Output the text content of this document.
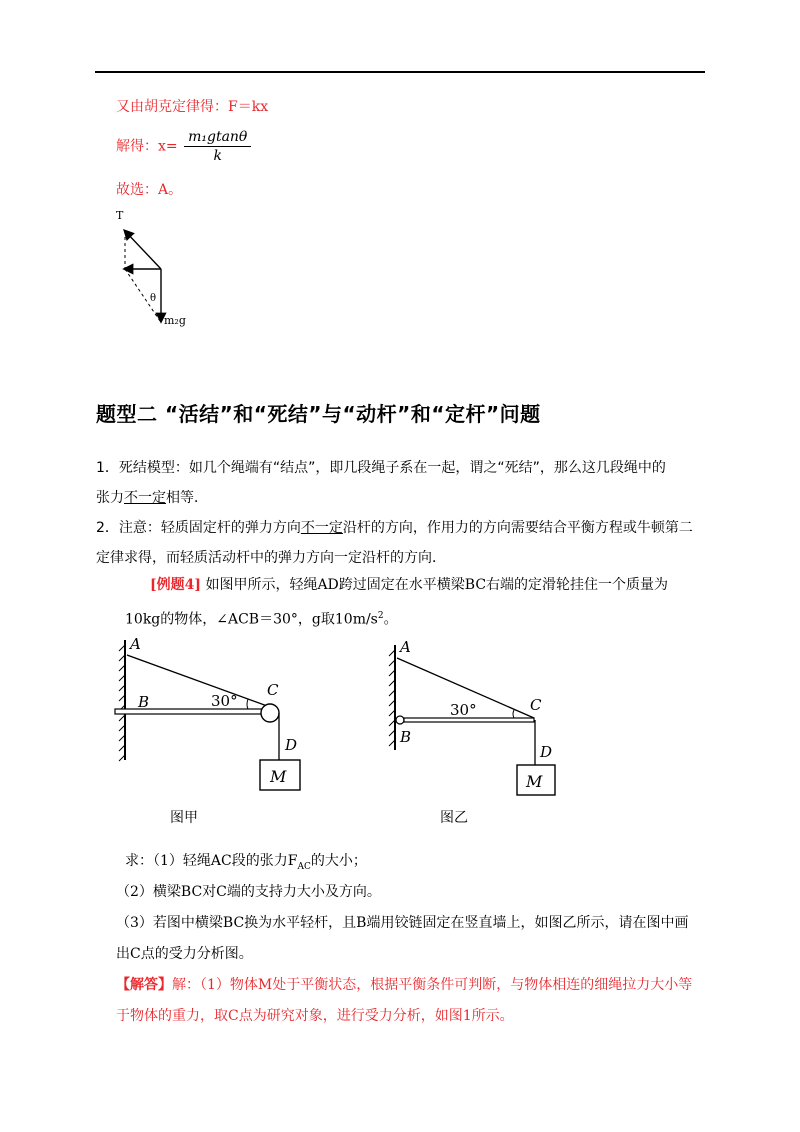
又由胡克定律得：F＝kx
解得：$x= \frac{\text{m₁gtanθ}}{k}$
故选：A。
T
θ
m₂g
题型二 “活结”和“死结”与“动杆”和“定杆”问题
1．死结模型：如几个绳端有“结点”，即几段绳子系在一起，谓之“死结”，那么这几段绳中的
张力不一定相等．
2．注意：轻质固定杆的弹力方向不一定沿杆的方向，作用力的方向需要结合平衡方程或牛顿第二
定律求得，而轻质活动杆中的弹力方向一定沿杆的方向．
[例题4] 如图甲所示，轻绳AD跨过固定在水平横梁BC右端的定滑轮挂住一个质量为
10kg的物体，∠ACB＝30°，g取$10m/s^2$。
A
B
C
D
30°
M
图甲
A
B
C
D
30°
M
图乙
求：（1）轻绳AC段的张力$F_{AC}$的大小；
（2）横梁BC对C端的支持力大小及方向。
（3）若图中横梁BC换为水平轻杆，且B端用铰链固定在竖直墙上，如图乙所示，请在图中画
出C点的受力分析图。
【解答】解：（1）物体M处于平衡状态，根据平衡条件可判断，与物体相连的细绳拉力大小等
于物体的重力，取C点为研究对象，进行受力分析，如图1所示。
